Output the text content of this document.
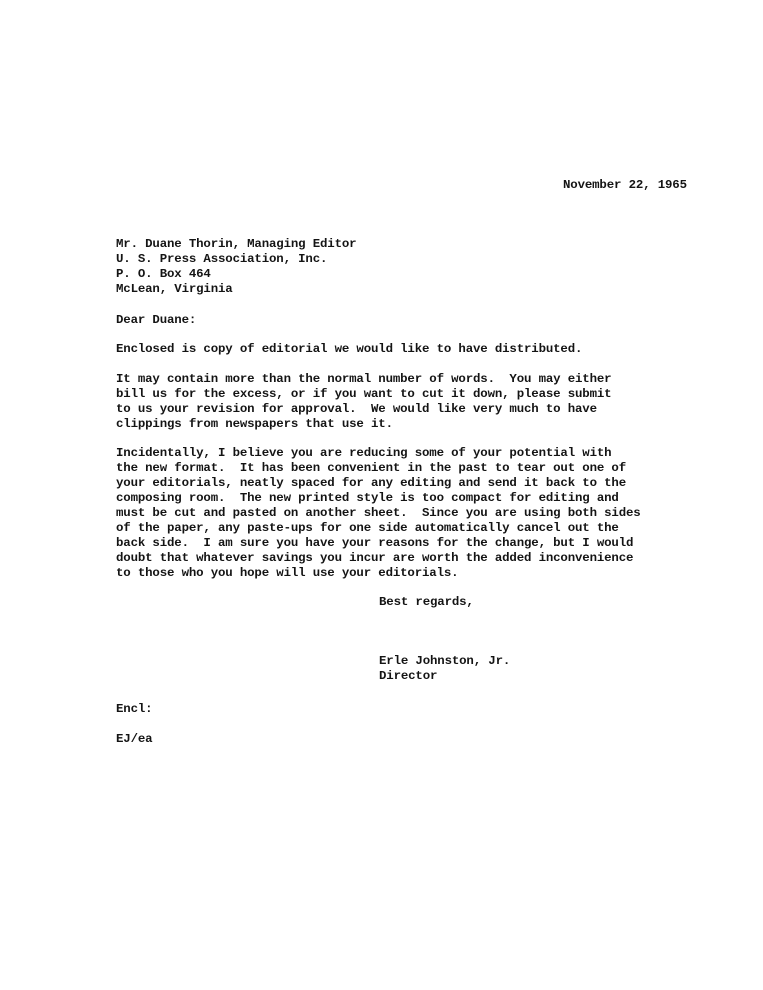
November 22, 1965
Mr. Duane Thorin, Managing Editor
U. S. Press Association, Inc.
P. O. Box 464
McLean, Virginia
Dear Duane:
Enclosed is copy of editorial we would like to have distributed.
It may contain more than the normal number of words.  You may either
bill us for the excess, or if you want to cut it down, please submit
to us your revision for approval.  We would like very much to have
clippings from newspapers that use it.
Incidentally, I believe you are reducing some of your potential with
the new format.  It has been convenient in the past to tear out one of
your editorials, neatly spaced for any editing and send it back to the
composing room.  The new printed style is too compact for editing and
must be cut and pasted on another sheet.  Since you are using both sides
of the paper, any paste-ups for one side automatically cancel out the
back side.  I am sure you have your reasons for the change, but I would
doubt that whatever savings you incur are worth the added inconvenience
to those who you hope will use your editorials.
Best regards,
Erle Johnston, Jr.
Director
Encl:
EJ/ea
